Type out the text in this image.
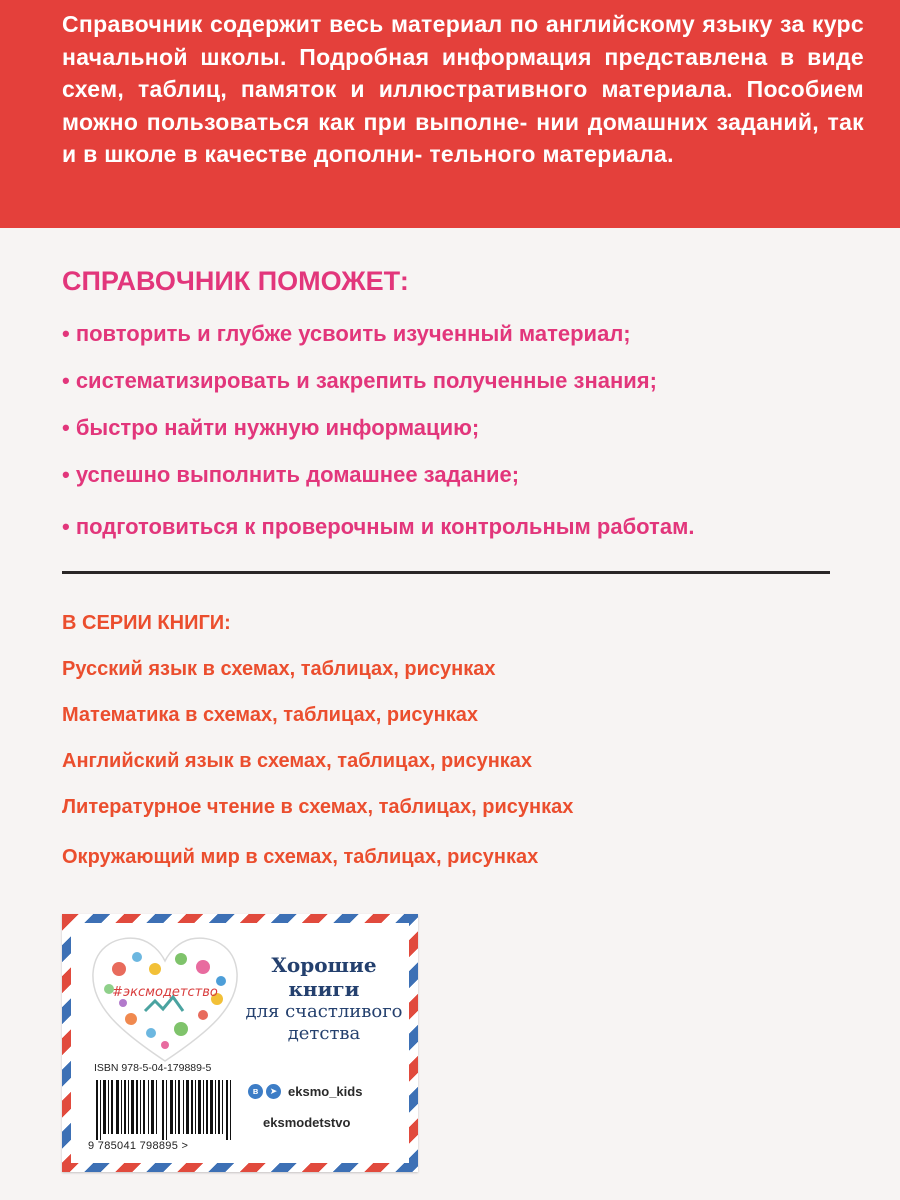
Справочник содержит весь материал по английскому языку за курс начальной школы. Подробная информация представлена в виде схем, таблиц, памяток и иллюстративного материала. Пособием можно пользоваться как при выполне- нии домашних заданий, так и в школе в качестве дополни- тельного материала.

СПРАВОЧНИК ПОМОЖЕТ:
• повторить и глубже усвоить изученный материал;
• систематизировать и закрепить полученные знания;
• быстро найти нужную информацию;
• успешно выполнить домашнее задание;
• подготовиться к проверочным и контрольным работам.
В СЕРИИ КНИГИ:
Русский язык в схемах, таблицах, рисунках
Математика в схемах, таблицах, рисунках
Английский язык в схемах, таблицах, рисунках
Литературное чтение в схемах, таблицах, рисунках
Окружающий мир в схемах, таблицах, рисунках
#эксмодетство
Хорошие
книги
для счастливого
детства
ISBN 978-5-04-179889-5
9 785041 798895 >
в	➤ eksmo_kids
eksmodetstvo
